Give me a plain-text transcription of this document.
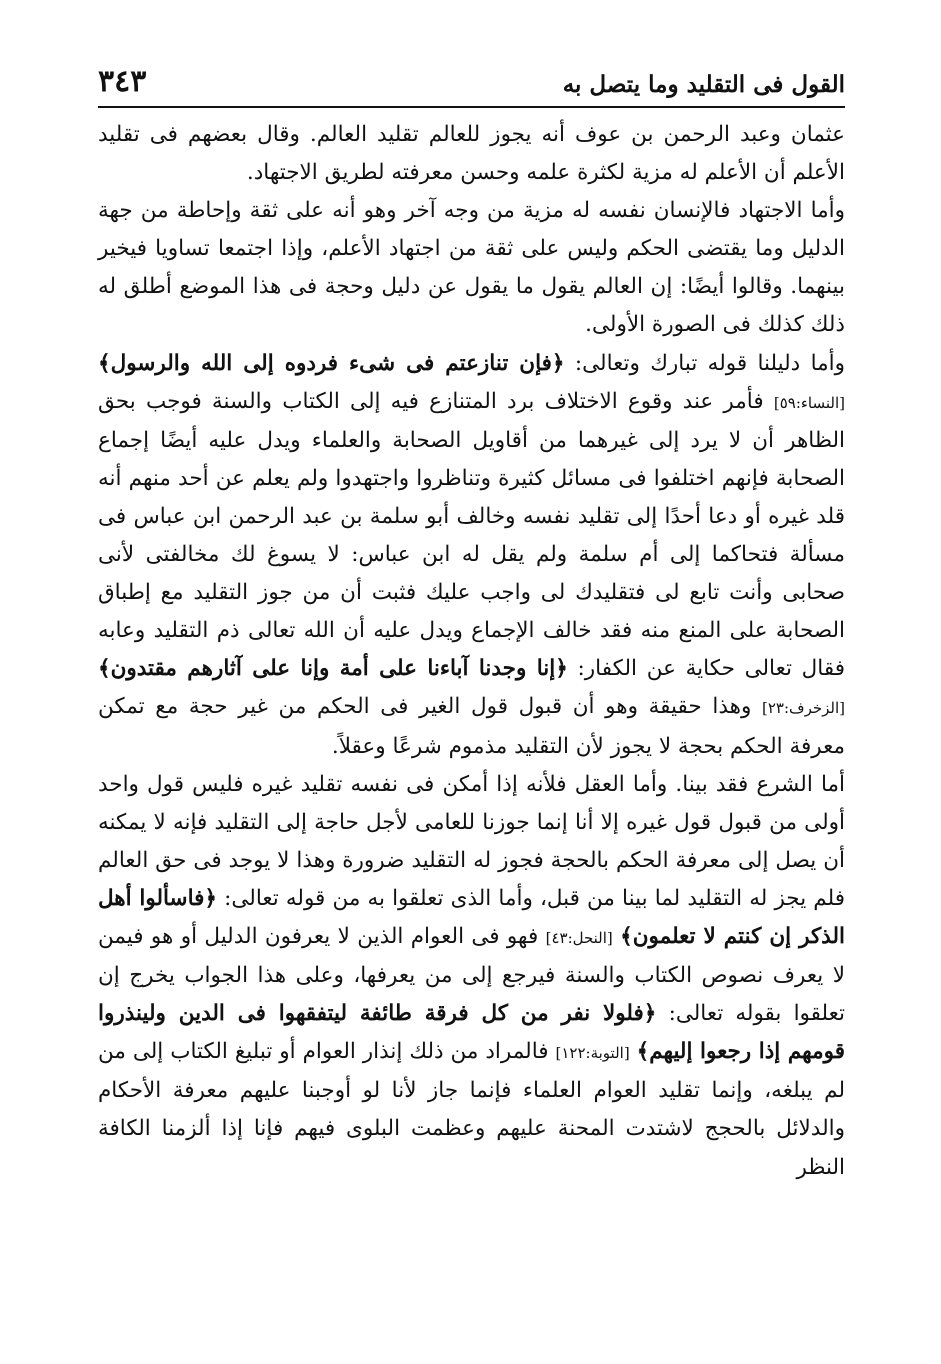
٣٤٣	القول فى التقليد وما يتصل به

عثمان وعبد الرحمن بن عوف أنه يجوز للعالم تقليد العالم. وقال بعضهم فى تقليد الأعلم أن الأعلم له مزية لكثرة علمه وحسن معرفته لطريق الاجتهاد.

وأما الاجتهاد فالإنسان نفسه له مزية من وجه آخر وهو أنه على ثقة وإحاطة من جهة الدليل وما يقتضى الحكم وليس على ثقة من اجتهاد الأعلم، وإذا اجتمعا تساويا فيخير بينهما. وقالوا أيضًا: إن العالم يقول ما يقول عن دليل وحجة فى هذا الموضع أطلق له ذلك كذلك فى الصورة الأولى.

وأما دليلنا قوله تبارك وتعالى: ﴿فإن تنازعتم فى شىء فردوه إلى الله والرسول﴾ [النساء:٥٩] فأمر عند وقوع الاختلاف برد المتنازع فيه إلى الكتاب والسنة فوجب بحق الظاهر أن لا يرد إلى غيرهما من أقاويل الصحابة والعلماء ويدل عليه أيضًا إجماع الصحابة فإنهم اختلفوا فى مسائل كثيرة وتناظروا واجتهدوا ولم يعلم عن أحد منهم أنه قلد غيره أو دعا أحدًا إلى تقليد نفسه وخالف أبو سلمة بن عبد الرحمن ابن عباس فى مسألة فتحاكما إلى أم سلمة ولم يقل له ابن عباس: لا يسوغ لك مخالفتى لأنى صحابى وأنت تابع لى فتقليدك لى واجب عليك فثبت أن من جوز التقليد مع إطباق الصحابة على المنع منه فقد خالف الإجماع ويدل عليه أن الله تعالى ذم التقليد وعابه فقال تعالى حكاية عن الكفار: ﴿إنا وجدنا آباءنا على أمة وإنا على آثارهم مقتدون﴾ [الزخرف:٢٣] وهذا حقيقة وهو أن قبول قول الغير فى الحكم من غير حجة مع تمكن معرفة الحكم بحجة لا يجوز لأن التقليد مذموم شرعًا وعقلاً.

أما الشرع فقد بينا. وأما العقل فلأنه إذا أمكن فى نفسه تقليد غيره فليس قول واحد أولى من قبول قول غيره إلا أنا إنما جوزنا للعامى لأجل حاجة إلى التقليد فإنه لا يمكنه أن يصل إلى معرفة الحكم بالحجة فجوز له التقليد ضرورة وهذا لا يوجد فى حق العالم فلم يجز له التقليد لما بينا من قبل، وأما الذى تعلقوا به من قوله تعالى: ﴿فاسألوا أهل الذكر إن كنتم لا تعلمون﴾ [النحل:٤٣] فهو فى العوام الذين لا يعرفون الدليل أو هو فيمن لا يعرف نصوص الكتاب والسنة فيرجع إلى من يعرفها، وعلى هذا الجواب يخرج إن تعلقوا بقوله تعالى: ﴿فلولا نفر من كل فرقة طائفة ليتفقهوا فى الدين ولينذروا قومهم إذا رجعوا إليهم﴾ [التوبة:١٢٢] فالمراد من ذلك إنذار العوام أو تبليغ الكتاب إلى من لم يبلغه، وإنما تقليد العوام العلماء فإنما جاز لأنا لو أوجبنا عليهم معرفة الأحكام والدلائل بالحجج لاشتدت المحنة عليهم وعظمت البلوى فيهم فإنا إذا ألزمنا الكافة النظر
